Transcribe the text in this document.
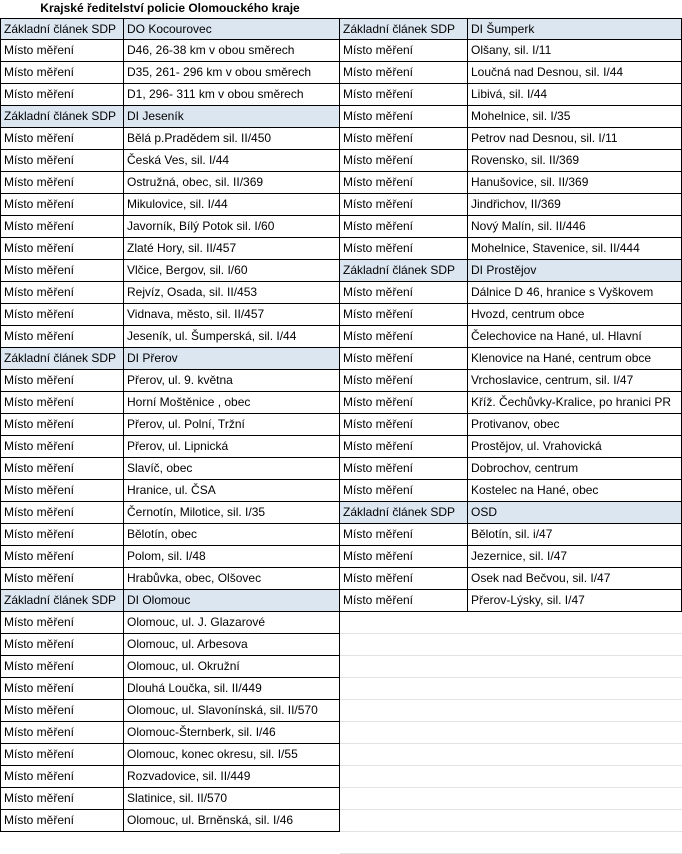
Krajské ředitelství policie Olomouckého kraje
Základní článek SDP DO Kocourovec
Místo měření	D46, 26-38 km v obou směrech
Místo měření	D35, 261- 296 km v obou směrech
Místo měření	D1, 296- 311 km v obou směrech
Základní článek SDP DI Jeseník
Místo měření	Bělá p.Pradědem sil. II/450
Místo měření	Česká Ves, sil. I/44
Místo měření	Ostružná, obec, sil. II/369
Místo měření	Mikulovice, sil. I/44
Místo měření	Javorník, Bílý Potok sil. I/60
Místo měření	Zlaté Hory, sil. II/457
Místo měření	Vlčice, Bergov, sil. I/60
Místo měření	Rejvíz, Osada, sil. II/453
Místo měření	Vidnava, město, sil. II/457
Místo měření	Jeseník, ul. Šumperská, sil. I/44
Základní článek SDP DI Přerov
Místo měření	Přerov, ul. 9. května
Místo měření	Horní Moštěnice , obec
Místo měření	Přerov, ul. Polní, Tržní
Místo měření	Přerov, ul. Lipnická
Místo měření	Slavíč, obec
Místo měření	Hranice, ul. ČSA
Místo měření	Černotín, Milotice, sil. I/35
Místo měření	Bělotín, obec
Místo měření	Polom, sil. I/48
Místo měření	Hrabůvka, obec, Olšovec
Základní článek SDP DI Olomouc
Místo měření	Olomouc, ul. J. Glazarové
Místo měření	Olomouc, ul. Arbesova
Místo měření	Olomouc, ul. Okružní
Místo měření	Dlouhá Loučka, sil. II/449
Místo měření	Olomouc, ul. Slavonínská, sil. II/570
Místo měření	Olomouc-Šternberk, sil. I/46
Místo měření	Olomouc, konec okresu, sil. I/55
Místo měření	Rozvadovice, sil. II/449
Místo měření	Slatinice, sil. II/570
Místo měření	Olomouc, ul. Brněnská, sil. I/46
Základní článek SDP	DI Šumperk
Místo měření	Olšany, sil. I/11
Místo měření	Loučná nad Desnou, sil. I/44
Místo měření	Libivá, sil. I/44
Místo měření	Mohelnice, sil. I/35
Místo měření	Petrov nad Desnou, sil. I/11
Místo měření	Rovensko, sil. II/369
Místo měření	Hanušovice, sil. II/369
Místo měření	Jindřichov, II/369
Místo měření	Nový Malín, sil. II/446
Místo měření	Mohelnice, Stavenice, sil. II/444
Základní článek SDP	DI Prostějov
Místo měření	Dálnice D 46, hranice s Vyškovem
Místo měření	Hvozd, centrum obce
Místo měření	Čelechovice na Hané, ul. Hlavní
Místo měření	Klenovice na Hané, centrum obce
Místo měření	Vrchoslavice, centrum, sil. I/47
Místo měření	Kříž. Čechůvky-Kralice, po hranici PR
Místo měření	Protivanov, obec
Místo měření	Prostějov, ul. Vrahovická
Místo měření	Dobrochov, centrum
Místo měření	Kostelec na Hané, obec
Základní článek SDP	OSD
Místo měření	Bělotín, sil. i/47
Místo měření	Jezernice, sil. I/47
Místo měření	Osek nad Bečvou, sil. I/47
Místo měření	Přerov-Lýsky, sil. I/47
